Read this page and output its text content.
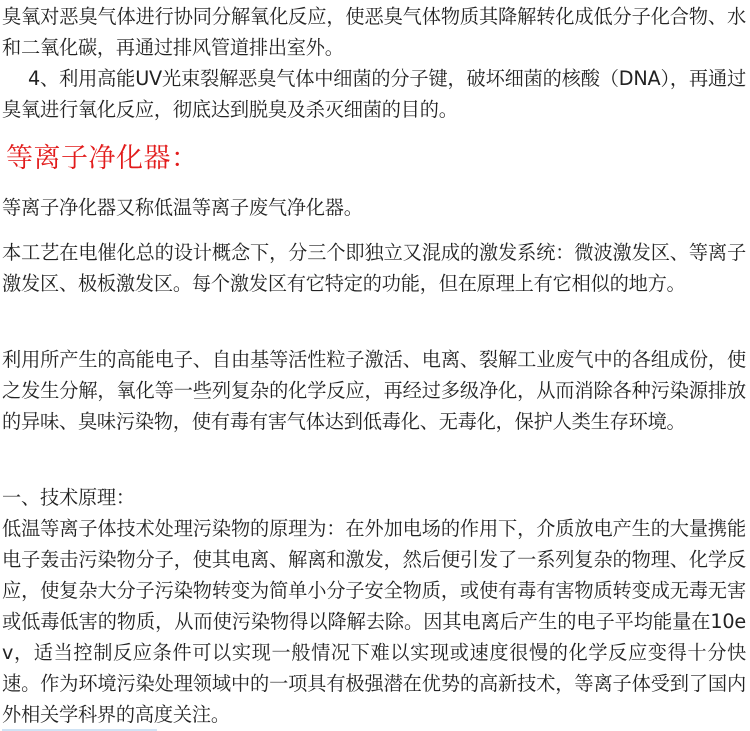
臭氧对恶臭气体进行协同分解氧化反应，使恶臭气体物质其降解转化成低分子化合物、水和二氧化碳，再通过排风管道排出室外。

4、利用高能UV光束裂解恶臭气体中细菌的分子键，破坏细菌的核酸（DNA），再通过臭氧进行氧化反应，彻底达到脱臭及杀灭细菌的目的。

等离子净化器：

等离子净化器又称低温等离子废气净化器。

本工艺在电催化总的设计概念下，分三个即独立又混成的激发系统：微波激发区、等离子激发区、极板激发区。每个激发区有它特定的功能，但在原理上有它相似的地方。

利用所产生的高能电子、自由基等活性粒子激活、电离、裂解工业废气中的各组成份，使之发生分解，氧化等一些列复杂的化学反应，再经过多级净化，从而消除各种污染源排放的异味、臭味污染物，使有毒有害气体达到低毒化、无毒化，保护人类生存环境。

一、技术原理：

低温等离子体技术处理污染物的原理为：在外加电场的作用下，介质放电产生的大量携能电子轰击污染物分子，使其电离、解离和激发，然后便引发了一系列复杂的物理、化学反应，使复杂大分子污染物转变为简单小分子安全物质，或使有毒有害物质转变成无毒无害或低毒低害的物质，从而使污染物得以降解去除。因其电离后产生的电子平均能量在10ev，适当控制反应条件可以实现一般情况下难以实现或速度很慢的化学反应变得十分快速。作为环境污染处理领域中的一项具有极强潜在优势的高新技术，等离子体受到了国内外相关学科界的高度关注。
